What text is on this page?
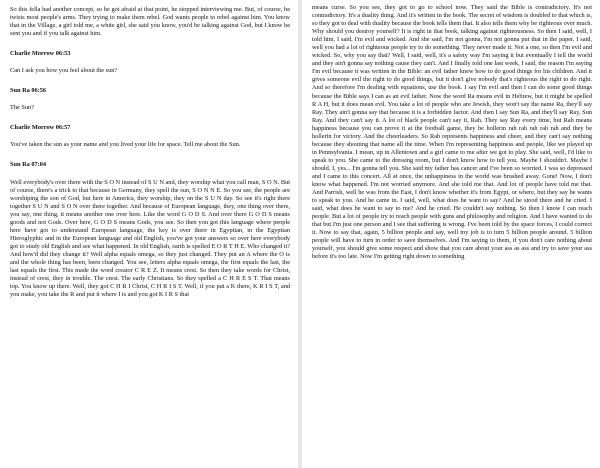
So this fella had another concept, so he got afraid at that point, he stopped interviewing me. But, of course, he twists most people's arms. They trying to make them rebel. God wants people to rebel against him. You know that in the Village, a girl told me, a white girl, she said you know, you'd be talking against God, but I know he sent you and if you talk against him.

Charlie Morrow 06:53

Can I ask you how you feel about the sun?

Sun Ra 06:56

The Sun?

Charlie Morrow 06:57

You've taken the sun as your name and you lived your life for space. Tell me about the Sun.

Sun Ra 07:04

Well everybody's over there with the S O N instead of S U N and, they worship what you call man, S O N. But of course, there's a trick to that because in Germany, they spell the sun, S O N N E. So you see, the people are worshiping the son of God, but here in America, they worship, they on the S U N day. So see it's right there together S U N and S O N over there together. And because of European language, they, one thing over there, you say, one thing, it means another one over here. Like the word G O D S. And over there G O D S means goods and not Gods. Over here, G O D S means Gods, you see. So then you got this language where people here have got to understand European language, the key is over there in Egyptian, in the Egyptian Hieroglyphic and in the European language and old English, you've got your answers so over here everybody got to study old English and see what happened. In old English, earth is spelled E O R T H E. Who changed it? And how'd did they change it? Well alpha equals omega, so they just changed. They put an A where the O is and the whole thing has been, been changed. You see, letters alpha equals omega, the first equals the last, the last equals the first. This made the word creator C R E Z. It means crest. So then they take words for Christ, instead of crest, they in trouble. The crest. The early Christians. So they spelled a C H R E S T. That means top. You know up there. Well, they got C H R I Christ, C H R I S T. Well, if you put a K there, K R I S T, and you make, you take the R and put it where I is and you got K I R S that

means curse. So you see, they got to go to school now. They said the Bible is contradictory. It's not contradictory. It's a duality thing. And it's written in the book. The secret of wisdom is doubled to that which is, so they got to deal with duality because the book tells them that. It also tells them why be righteous over much. Why should you destroy yourself? It is right in that book, talking against righteousness. So then I said, well, I told him, I said, I'm evil and wicked. And she said, I'm not gonna, I'm not gonna put that in the paper. I said, well you had a lot of righteous people try to do something. They never made it. Not a one, so then I'm evil and wicked. So, why you say that? Well, I said, well, it's a safety way I'm saying it but eventually I tell the world and they ain't gonna say nothing cause they can't. And I finally told one last week, I said, the reason I'm saying I'm evil because it was written in the Bible: an evil father knew how to do good things for his children. And it gives someone evil the right to do good things, but it don't give nobody that's righteous the right to do right. And so therefore I'm dealing with equations, use the book. I say I'm evil and then I can do some good things because the Bible says I can as an evil father. Now the word Ra means evil in Hebrew, but it might be spelled R A H, but it does mean evil. You take a lot of people who are Jewish, they won't say the name Ra, they'll say Ray. They ain't gonna say that because it is a forbidden factor. And then I say Sun Ra, and they'll say Ray, Sun Ray. And they can't say it. A lot of black people can't say it, Rah. They say Ray every time, but Rah means happiness because you can prove it at the football game, they be hollerin rah rah rah rah rah and they be hollerin for victory. And the cheerleaders. So Rah represents happiness and cheer, and they can't say nothing because they shouting that name all the time. When I'm representing happiness and people, like we played up in Pennsylvania. I mean, up in Allentown and a girl came to me after we got to play. She said, well, I'd like to speak to you. She came to the dressing room, but I don't know how to tell you. Maybe I shouldn't. Maybe I should. I, yes... I'm gonna tell you. She said my father has cancer and I've been so worried. I was so depressed and I came to this concert. All at once, the unhappiness in the world was brushed away. Gone! Now, I don't know what happened. I'm not worried anymore. And she told me that. And lot of people have told me that. And Parrish, well he was from the East, I don't know whether it's from Egypt, or where, but they say he wants to speak to you. And he came in. I said, well, what does he want to say? And he stood there and he cried. I said, what does he want to say to me? And he cried. He couldn't say nothing. So then I know I can reach people. But a lot of people try to reach people with guns and philosophy and religion. And I have wanted to do that but I'm just one person and I see that suffering is wrong. I've been told by the space forces, I could correct it. Now to say that, again, 5 billion people and say, well my job is to turn 5 billion people around. 5 billion people will have to turn in order to save themselves. And I'm saying to them, if you don't care nothing about yourself, you should give some respect and show that you care about your ass as ass and try to save your ass before it's too late. Now I'm getting right down to something
